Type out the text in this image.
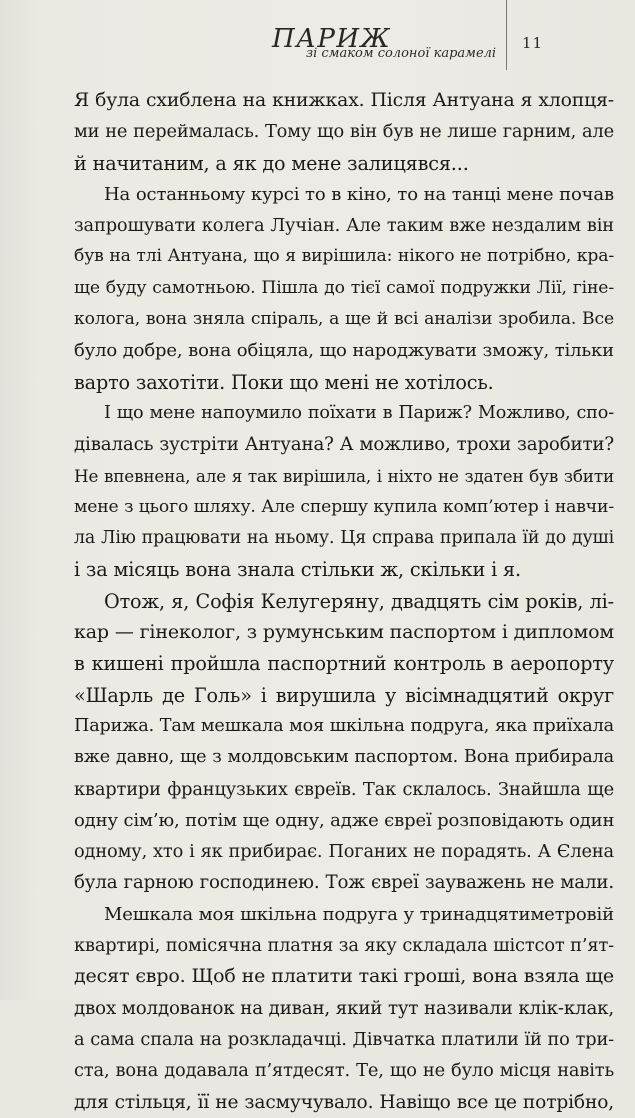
ПАРИЖ
зі смаком солоної карамелі
11
Я була схиблена на книжках. Після Антуана я хлопця-
ми не переймалась. Тому що він був не лише гарним, але
й начитаним, а як до мене залицявся...
На останньому курсі то в кіно, то на танці мене почав
запрошувати колега Лучіан. Але таким вже нездалим він
був на тлі Антуана, що я вирішила: нікого не потрібно, кра-
ще буду самотньою. Пішла до тієї самої подружки Лії, гіне-
колога, вона зняла спіраль, а ще й всі аналізи зробила. Все
було добре, вона обіцяла, що народжувати зможу, тільки
варто захотіти. Поки що мені не хотілось.
І що мене напоумило поїхати в Париж? Можливо, спо-
дівалась зустріти Антуана? А можливо, трохи заробити?
Не впевнена, але я так вирішила, і ніхто не здатен був збити
мене з цього шляху. Але спершу купила комп’ютер і навчи-
ла Лію працювати на ньому. Ця справа припала їй до душі
і за місяць вона знала стільки ж, скільки і я.
Отож, я, Софія Келугеряну, двадцять сім років, лі-
кар — гінеколог, з румунським паспортом і дипломом
в кишені пройшла паспортний контроль в аеропорту
«Шарль де Голь» і вирушила у вісімнадцятий округ
Парижа. Там мешкала моя шкільна подруга, яка приїхала
вже давно, ще з молдовським паспортом. Вона прибирала
квартири французьких євреїв. Так склалось. Знайшла ще
одну сім’ю, потім ще одну, адже євреї розповідають один
одному, хто і як прибирає. Поганих не порадять. А Єлена
була гарною господинею. Тож євреї зауважень не мали.
Мешкала моя шкільна подруга у тринадцятиметровій
квартирі, помісячна платня за яку складала шістсот п’ят-
десят євро. Щоб не платити такі гроші, вона взяла ще
двох молдованок на диван, який тут називали клік-клак,
а сама спала на розкладачці. Дівчатка платили їй по три-
ста, вона додавала п’ятдесят. Те, що не було місця навіть
для стільця, її не засмучувало. Навіщо все це потрібно,
